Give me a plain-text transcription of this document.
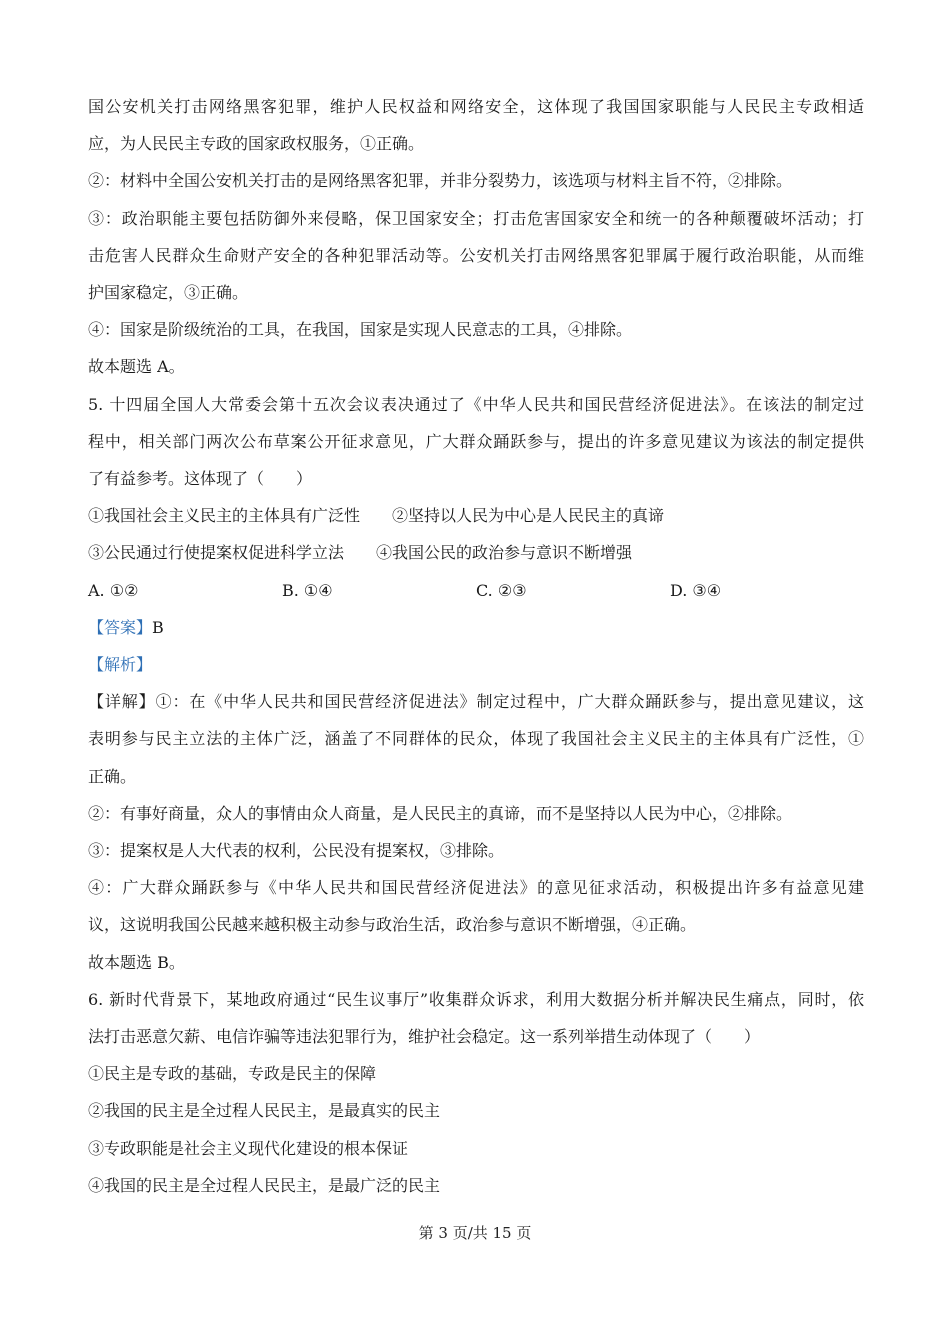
国公安机关打击网络黑客犯罪，维护人民权益和网络安全，这体现了我国国家职能与人民民主专政相适
应，为人民民主专政的国家政权服务，①正确。
②：材料中全国公安机关打击的是网络黑客犯罪，并非分裂势力，该选项与材料主旨不符，②排除。
③：政治职能主要包括防御外来侵略，保卫国家安全；打击危害国家安全和统一的各种颠覆破坏活动；打
击危害人民群众生命财产安全的各种犯罪活动等。公安机关打击网络黑客犯罪属于履行政治职能，从而维
护国家稳定，③正确。
④：国家是阶级统治的工具，在我国，国家是实现人民意志的工具，④排除。
故本题选 A。
5. 十四届全国人大常委会第十五次会议表决通过了《中华人民共和国民营经济促进法》。在该法的制定过
程中，相关部门两次公布草案公开征求意见，广大群众踊跃参与，提出的许多意见建议为该法的制定提供
了有益参考。这体现了（　　）
①我国社会主义民主的主体具有广泛性　　②坚持以人民为中心是人民民主的真谛
③公民通过行使提案权促进科学立法　　④我国公民的政治参与意识不断增强
A. ①②	B. ①④	C. ②③	D. ③④
【答案】B
【解析】
【详解】①：在《中华人民共和国民营经济促进法》制定过程中，广大群众踊跃参与，提出意见建议，这
表明参与民主立法的主体广泛，涵盖了不同群体的民众，体现了我国社会主义民主的主体具有广泛性，①
正确。
②：有事好商量，众人的事情由众人商量，是人民民主的真谛，而不是坚持以人民为中心，②排除。
③：提案权是人大代表的权利，公民没有提案权，③排除。
④：广大群众踊跃参与《中华人民共和国民营经济促进法》的意见征求活动，积极提出许多有益意见建
议，这说明我国公民越来越积极主动参与政治生活，政治参与意识不断增强，④正确。
故本题选 B。
6. 新时代背景下，某地政府通过“民生议事厅”收集群众诉求，利用大数据分析并解决民生痛点，同时，依
法打击恶意欠薪、电信诈骗等违法犯罪行为，维护社会稳定。这一系列举措生动体现了（　　）
①民主是专政的基础，专政是民主的保障
②我国的民主是全过程人民民主，是最真实的民主
③专政职能是社会主义现代化建设的根本保证
④我国的民主是全过程人民民主，是最广泛的民主
第 3 页/共 15 页
